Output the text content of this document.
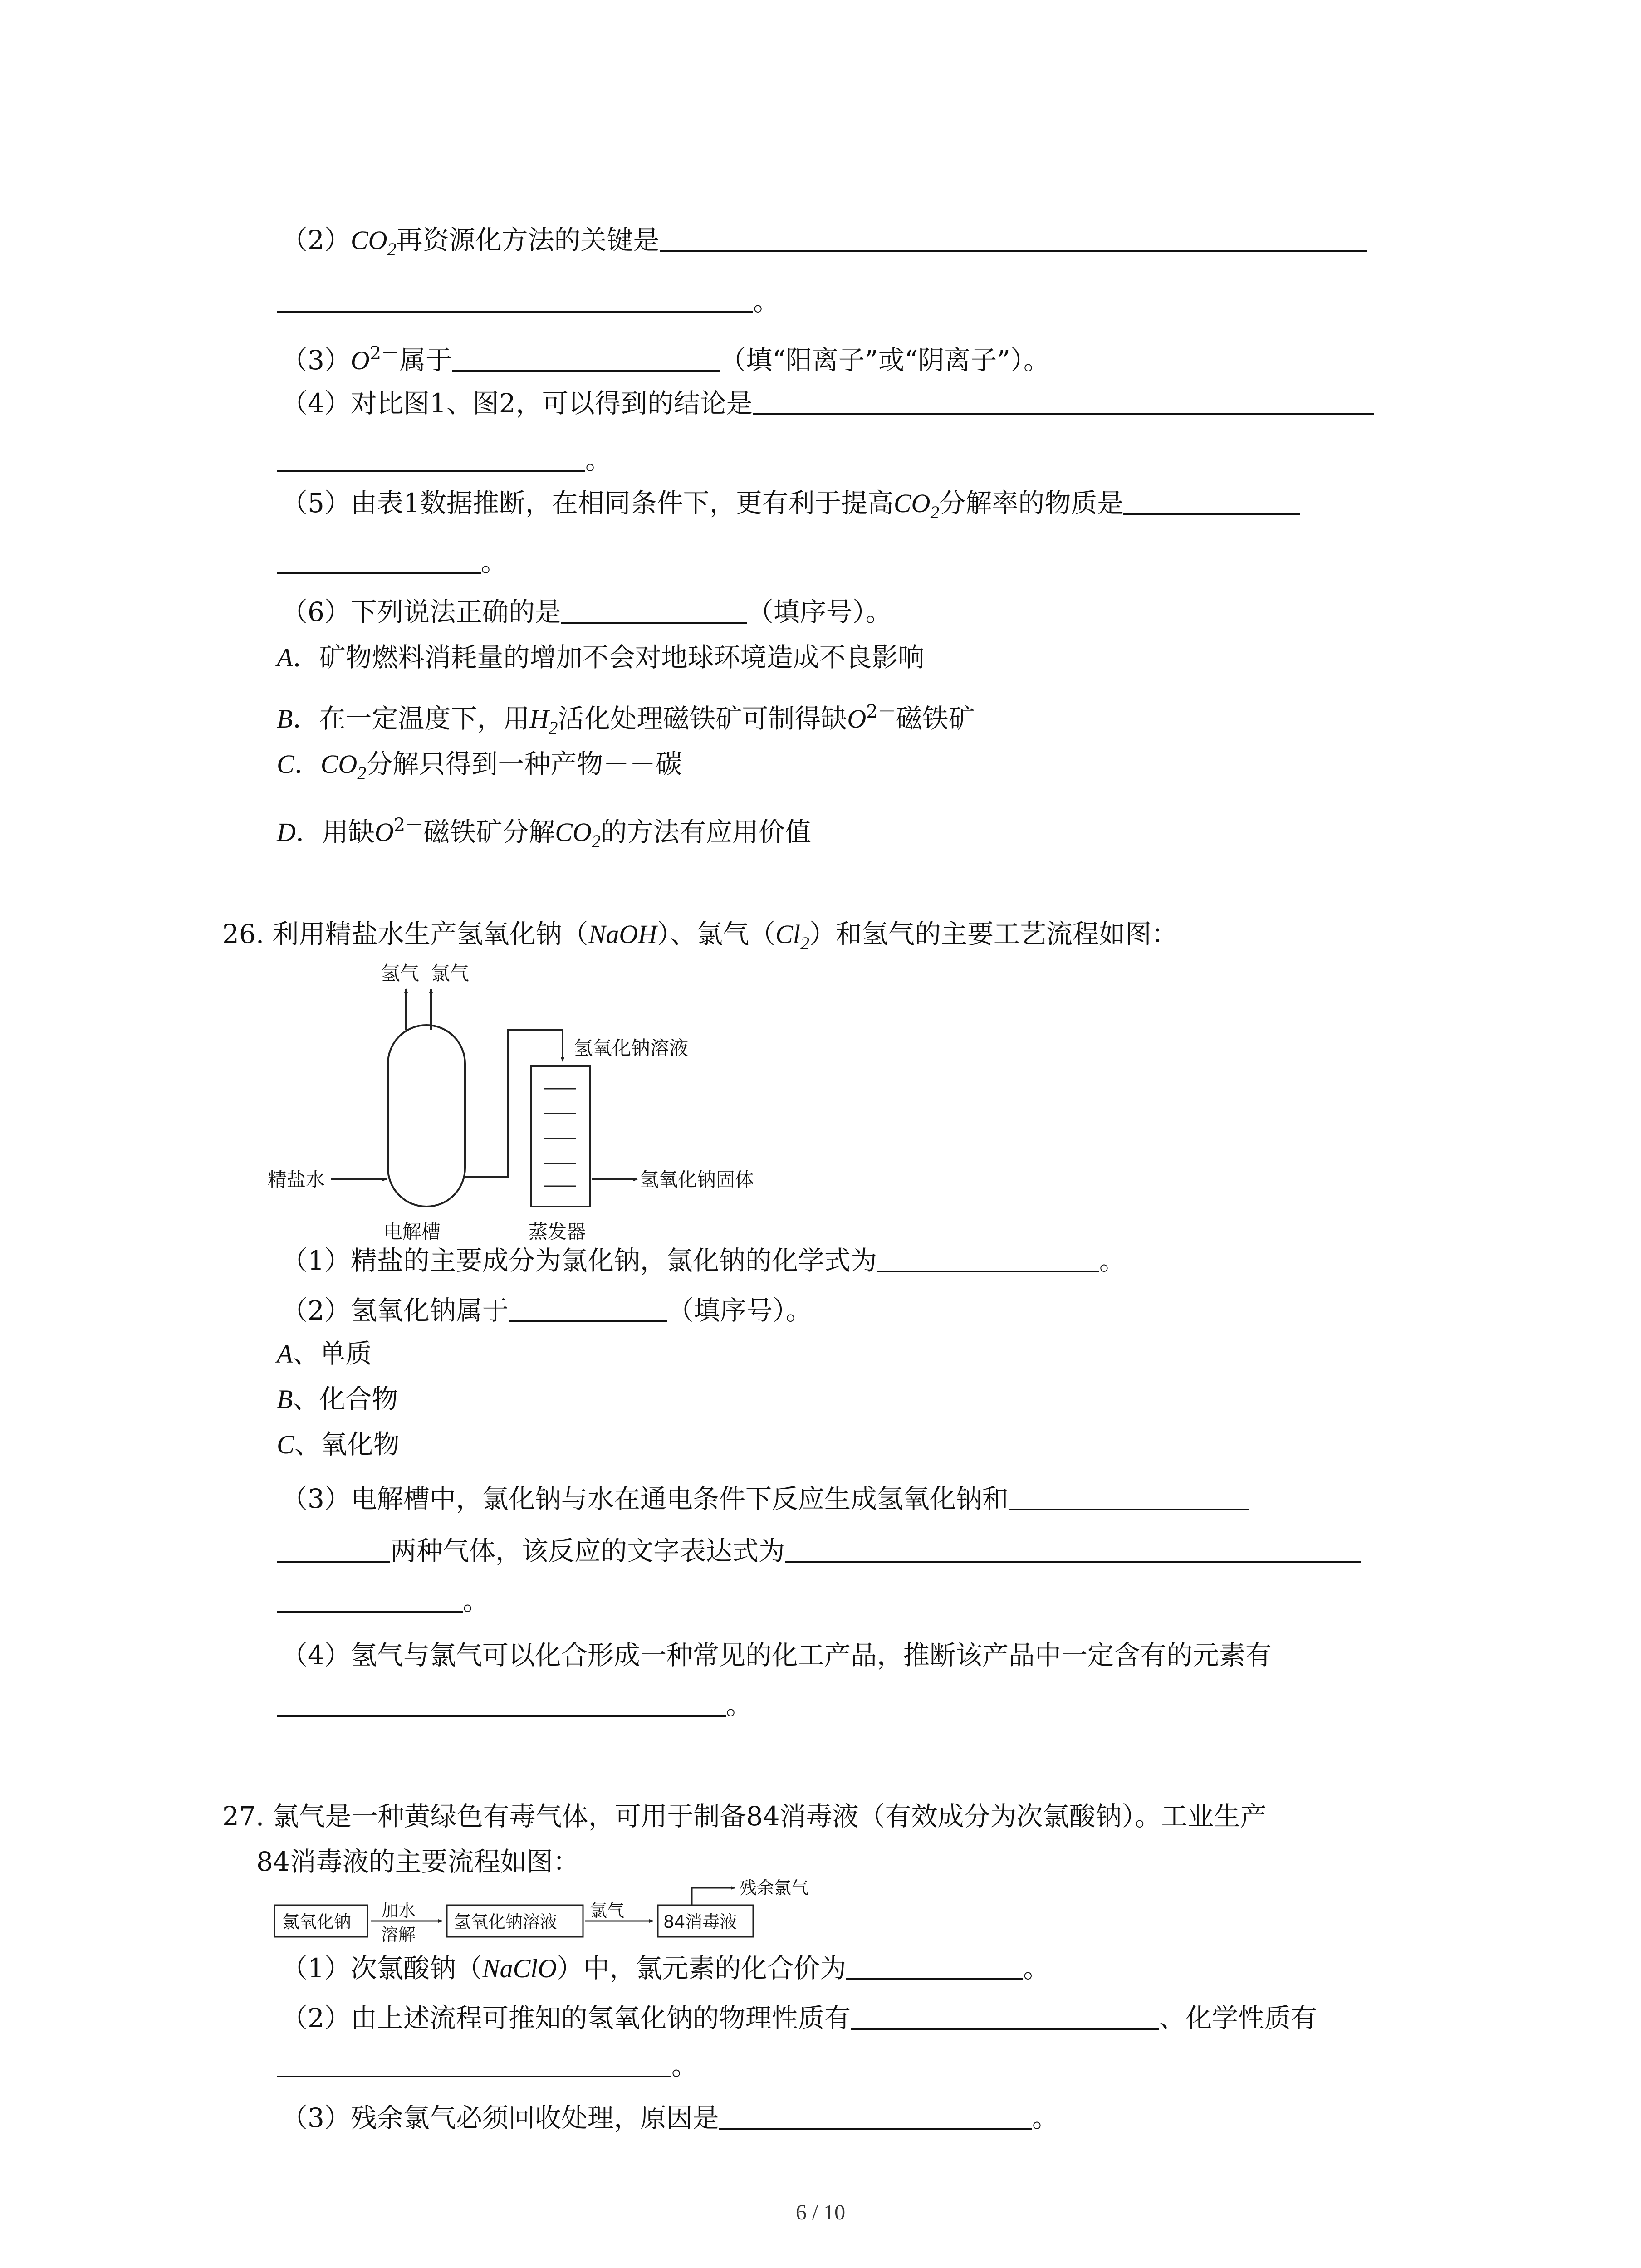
$(2)CO_2$再资源化方法的关键是
。
$(3)O^{2-}$属于	（填“阳离子”或“阴离子”）。
（4）对比图1、图2，可以得到的结论是
。
（5）由表1数据推断，在相同条件下，更有利于提高$CO_2$分解率的物质是
。
（6）下列说法正确的是	（填序号）。
A．矿物燃料消耗量的增加不会对地球环境造成不良影响
B．在一定温度下，用$H_2$活化处理磁铁矿可制得缺$O^{2-}$磁铁矿
C．$CO_2$分解只得到一种产物－－碳
D．用缺$O^{2-}$磁铁矿分解$CO_2$的方法有应用价值
26. 利用精盐水生产氢氧化钠（NaOH）、氯气$(Cl_2)$和氢气的主要工艺流程如图：
氢气 氯气
氢氧化钠溶液
精盐水	氢氧化钠固体
电解槽	蒸发器
（1）精盐的主要成分为氯化钠，氯化钠的化学式为	。
（2）氢氧化钠属于	（填序号）。
A、单质
B、化合物
C、氧化物
（3）电解槽中，氯化钠与水在通电条件下反应生成氢氧化钠和
两种气体，该反应的文字表达式为
。
（4）氢气与氯气可以化合形成一种常见的化工产品，推断该产品中一定含有的元素有
。
27. 氯气是一种黄绿色有毒气体，可用于制备84消毒液（有效成分为次氯酸钠）。工业生产
84消毒液的主要流程如图：
氯氧化钠
加水
溶解
氢氧化钠溶液
氯气
84消毒液
残余氯气
（1）次氯酸钠（NaClO）中，氯元素的化合价为	。
（2）由上述流程可推知的氢氧化钠的物理性质有	、化学性质有
。
（3）残余氯气必须回收处理，原因是	。
6 / 10
